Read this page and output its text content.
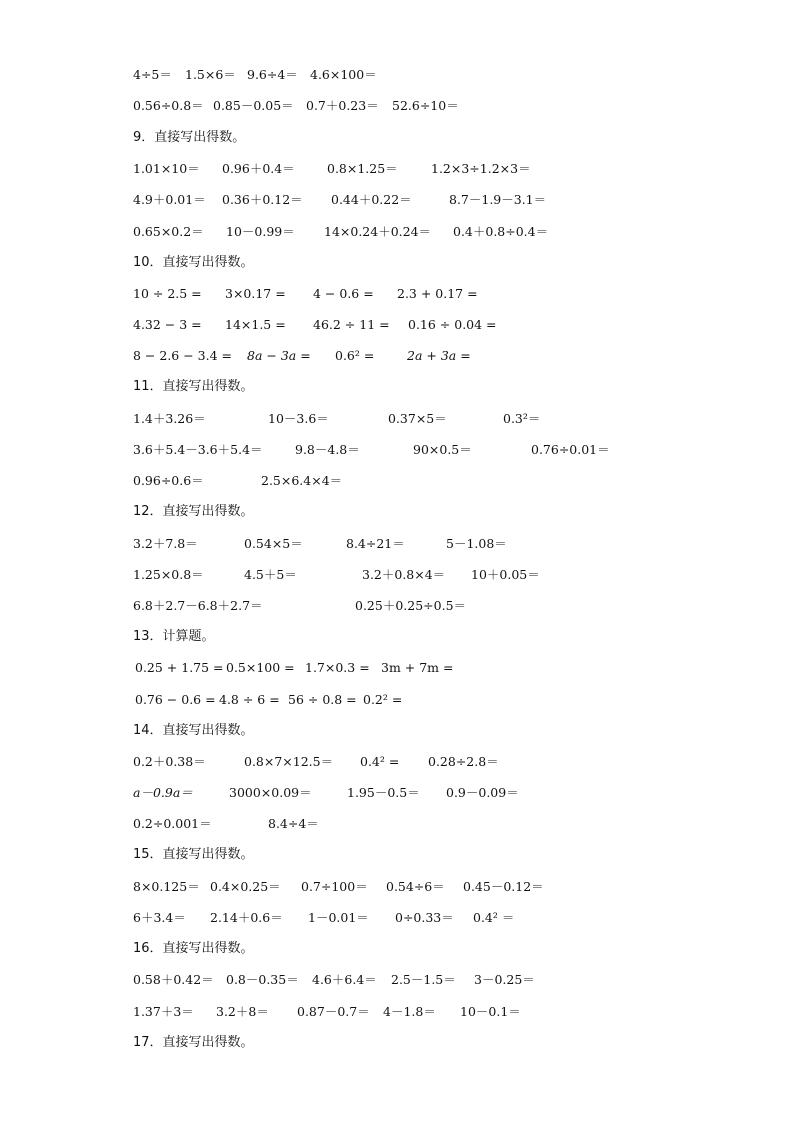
4÷5＝ 1.5×6＝ 9.6÷4＝ 4.6×100＝
0.56÷0.8＝ 0.85－0.05＝ 0.7＋0.23＝ 52.6÷10＝
9．直接写出得数。
1.01×10＝ 0.96＋0.4＝	0.8×1.25＝	1.2×3÷1.2×3＝
4.9＋0.01＝ 0.36＋0.12＝ 0.44＋0.22＝	8.7－1.9－3.1＝
0.65×0.2＝ 10－0.99＝ 14×0.24＋0.24＝ 0.4＋0.8÷0.4＝
10．直接写出得数。
10 ÷ 2.5 = 3×0.17 = 4 − 0.6 = 2.3 + 0.17 =
4.32 − 3 = 14×1.5 = 46.2 ÷ 11 = 0.16 ÷ 0.04 =
8 − 2.6 − 3.4 = 8a − 3a = 0.6² =	2a + 3a =
11．直接写出得数。
1.4＋3.26＝	10－3.6＝	0.37×5＝	0.3²＝
3.6＋5.4－3.6＋5.4＝	9.8－4.8＝	90×0.5＝	0.76÷0.01＝
0.96÷0.6＝	2.5×6.4×4＝
12．直接写出得数。
3.2＋7.8＝	0.54×5＝	8.4÷21＝	5－1.08＝
1.25×0.8＝	4.5＋5＝	3.2＋0.8×4＝ 10＋0.05＝
6.8＋2.7－6.8＋2.7＝	0.25＋0.25÷0.5＝
13．计算题。
0.25 + 1.75 = 0.5×100 = 1.7×0.3 = 3m + 7m =
0.76 − 0.6 = 4.8 ÷ 6 = 56 ÷ 0.8 = 0.2² =
14．直接写出得数。
0.2＋0.38＝	0.8×7×12.5＝ 0.4² = 0.28÷2.8＝
a－0.9a＝	3000×0.09＝	1.95－0.5＝ 0.9－0.09＝
0.2÷0.001＝	8.4÷4＝
15．直接写出得数。
8×0.125＝ 0.4×0.25＝ 0.7÷100＝ 0.54÷6＝ 0.45－0.12＝
6＋3.4＝ 2.14＋0.6＝ 1－0.01＝ 0÷0.33＝ 0.4² ＝
16．直接写出得数。
0.58＋0.42＝ 0.8－0.35＝ 4.6＋6.4＝ 2.5－1.5＝ 3－0.25＝
1.37＋3＝ 3.2＋8＝ 0.87－0.7＝ 4－1.8＝ 10－0.1＝
17．直接写出得数。
